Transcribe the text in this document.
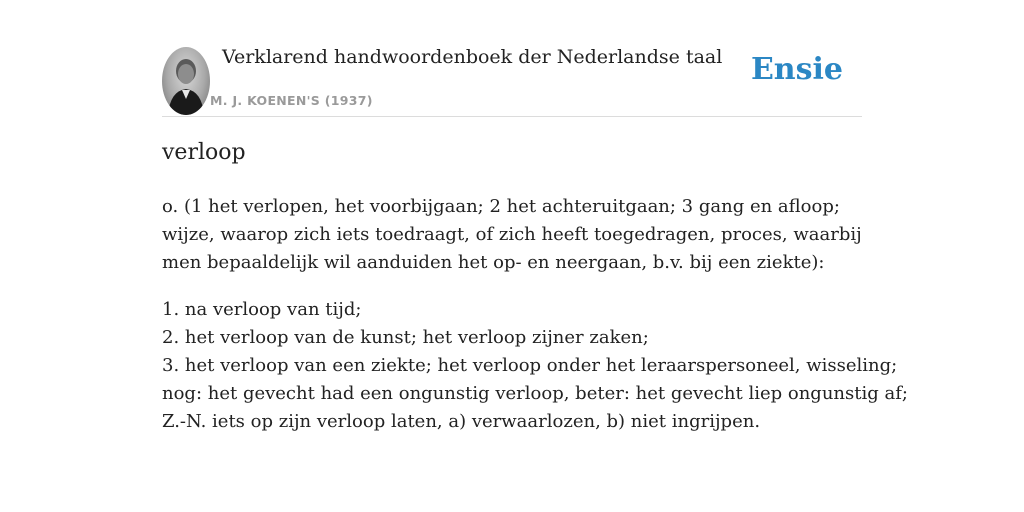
Verklarend handwoordenboek der Nederlandse taal
M. J. KOENEN'S (1937)
Ensie
verloop

o. (1 het verlopen, het voorbijgaan; 2 het achteruitgaan; 3 gang en afloop; wijze, waarop zich iets toedraagt, of zich heeft toegedragen, proces, waarbij men bepaaldelijk wil aanduiden het op- en neergaan, b.v. bij een ziekte):

1. na verloop van tijd;
2. het verloop van de kunst; het verloop zijner zaken;
3. het verloop van een ziekte; het verloop onder het leraarspersoneel, wisseling;
nog: het gevecht had een ongunstig verloop, beter: het gevecht liep ongunstig af;
Z.-N. iets op zijn verloop laten, a) verwaarlozen, b) niet ingrijpen.
